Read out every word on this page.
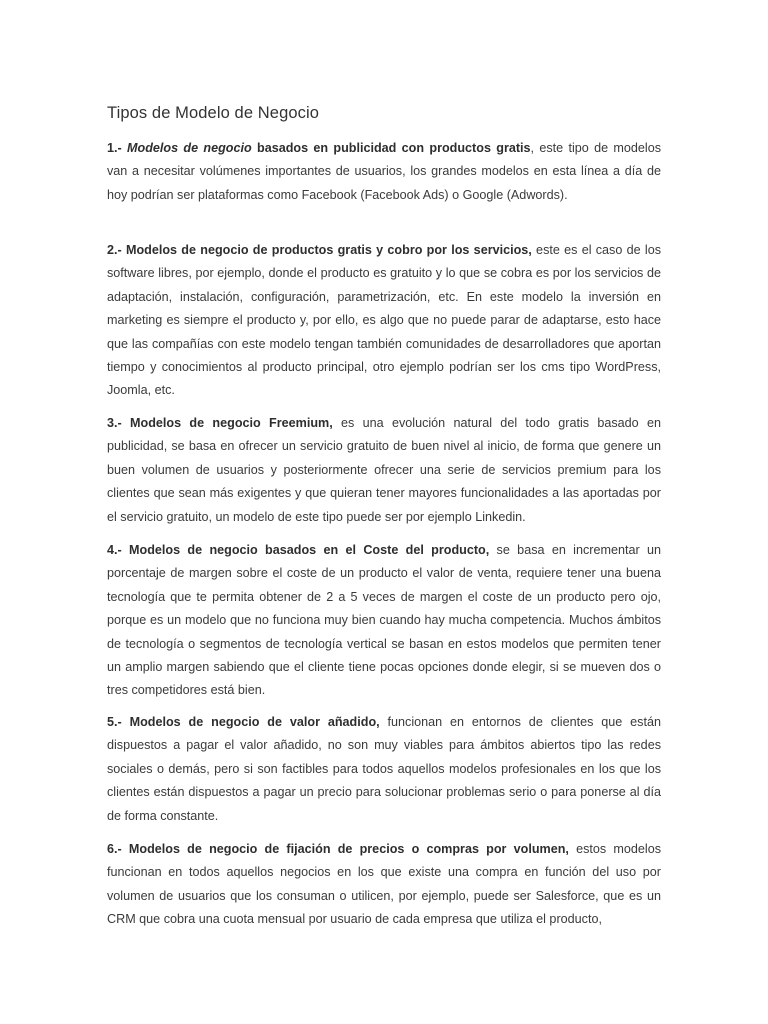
Tipos de Modelo de Negocio

1.- Modelos de negocio basados en publicidad con productos gratis, este tipo de modelos van a necesitar volúmenes importantes de usuarios, los grandes modelos en esta línea a día de hoy podrían ser plataformas como Facebook (Facebook Ads) o Google (Adwords).

2.- Modelos de negocio de productos gratis y cobro por los servicios, este es el caso de los software libres, por ejemplo, donde el producto es gratuito y lo que se cobra es por los servicios de adaptación, instalación, configuración, parametrización, etc. En este modelo la inversión en marketing es siempre el producto y, por ello, es algo que no puede parar de adaptarse, esto hace que las compañías con este modelo tengan también comunidades de desarrolladores que aportan tiempo y conocimientos al producto principal, otro ejemplo podrían ser los cms tipo WordPress, Joomla, etc.

3.- Modelos de negocio Freemium, es una evolución natural del todo gratis basado en publicidad, se basa en ofrecer un servicio gratuito de buen nivel al inicio, de forma que genere un buen volumen de usuarios y posteriormente ofrecer una serie de servicios premium para los clientes que sean más exigentes y que quieran tener mayores funcionalidades a las aportadas por el servicio gratuito, un modelo de este tipo puede ser por ejemplo Linkedin.

4.- Modelos de negocio basados en el Coste del producto, se basa en incrementar un porcentaje de margen sobre el coste de un producto el valor de venta, requiere tener una buena tecnología que te permita obtener de 2 a 5 veces de margen el coste de un producto pero ojo, porque es un modelo que no funciona muy bien cuando hay mucha competencia. Muchos ámbitos de tecnología o segmentos de tecnología vertical se basan en estos modelos que permiten tener un amplio margen sabiendo que el cliente tiene pocas opciones donde elegir, si se mueven dos o tres competidores está bien.

5.- Modelos de negocio de valor añadido, funcionan en entornos de clientes que están dispuestos a pagar el valor añadido, no son muy viables para ámbitos abiertos tipo las redes sociales o demás, pero si son factibles para todos aquellos modelos profesionales en los que los clientes están dispuestos a pagar un precio para solucionar problemas serio o para ponerse al día de forma constante.

6.- Modelos de negocio de fijación de precios o compras por volumen, estos modelos funcionan en todos aquellos negocios en los que existe una compra en función del uso por volumen de usuarios que los consuman o utilicen, por ejemplo, puede ser Salesforce, que es un CRM que cobra una cuota mensual por usuario de cada empresa que utiliza el producto,
